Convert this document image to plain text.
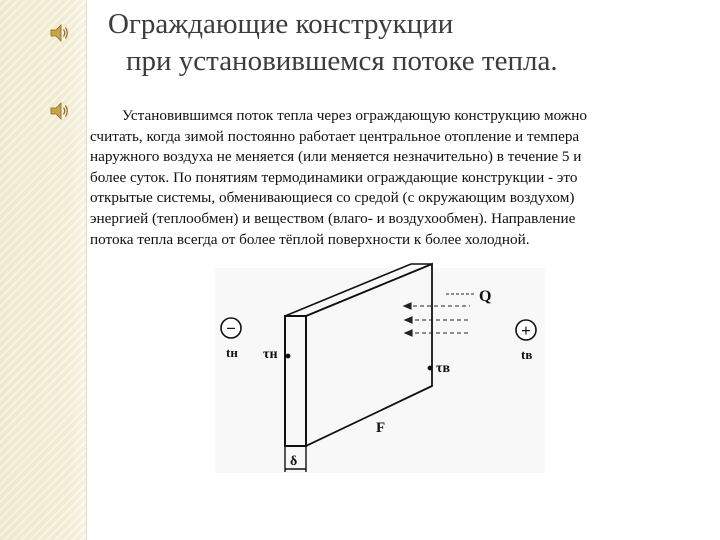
Ограждающие конструкции
при установившемся потоке тепла.
Установившимся поток тепла через ограждающую конструкцию можно
считать, когда зимой постоянно работает центральное отопление и темпера
наружного воздуха не меняется (или меняется незначительно) в течение 5 и
более суток. По понятиям термодинамики ограждающие конструкции - это
открытые системы, обменивающиеся со средой (с окружающим воздухом)
энергией (теплообмен) и веществом (влаго- и воздухообмен). Направление
потока тепла всегда от более тёплой поверхности к более холодной.
Q
−
tн
+
tв
τн
τв
F
δ
